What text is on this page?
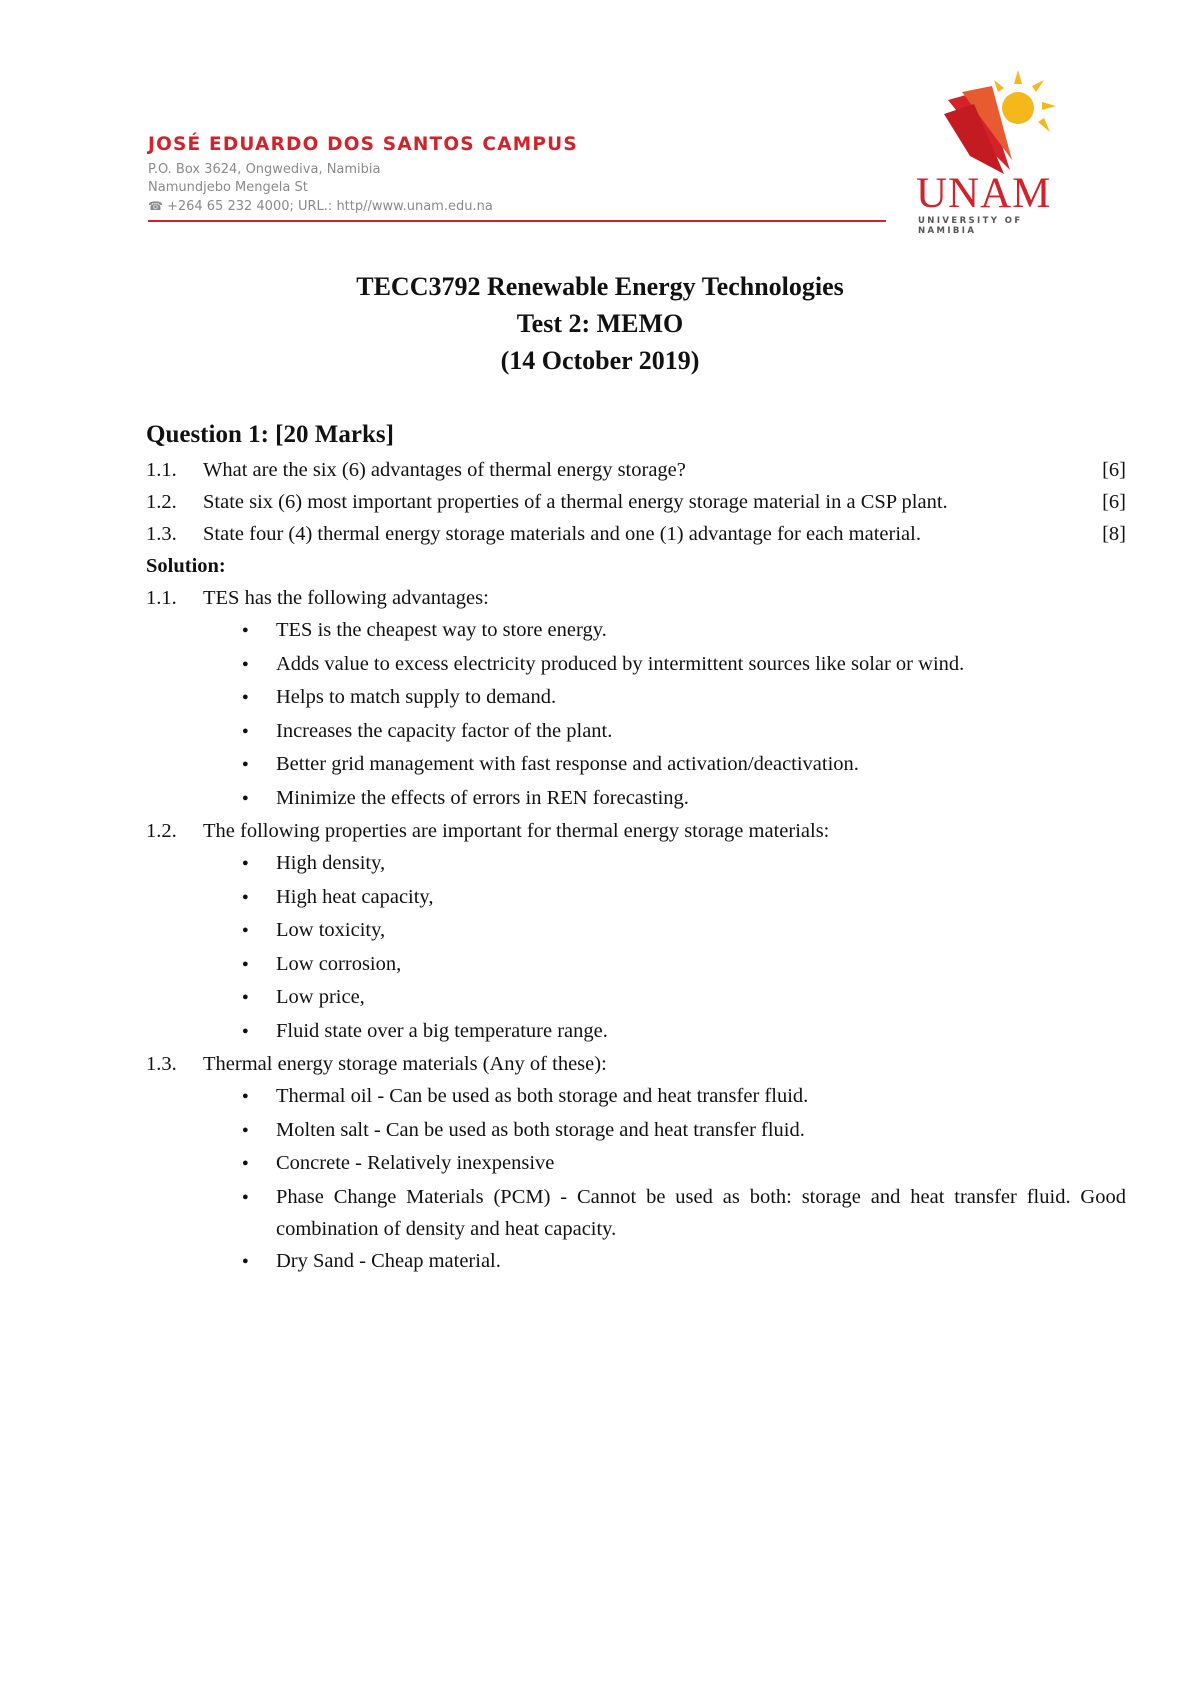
JOSÉ EDUARDO DOS SANTOS CAMPUS

P.O. Box 3624, Ongwediva, Namibia

Namundjebo Mengela St

☎ +264 65 232 4000; URL.: http//www.unam.edu.na	UNAM
UNIVERSITY OF NAMIBIA
TECC3792 Renewable Energy Technologies
Test 2: MEMO
(14 October 2019)
Question 1: [20 Marks]
1.1. What are the six (6) advantages of thermal energy storage?	[6]
1.2. State six (6) most important properties of a thermal energy storage material in a CSP plant.	[6]
1.3. State four (4) thermal energy storage materials and one (1) advantage for each material.	[8]
Solution:
1.1. TES has the following advantages:
● TES is the cheapest way to store energy.
● Adds value to excess electricity produced by intermittent sources like solar or wind.
● Helps to match supply to demand.
● Increases the capacity factor of the plant.
● Better grid management with fast response and activation/deactivation.
● Minimize the effects of errors in REN forecasting.
1.2. The following properties are important for thermal energy storage materials:
● High density,
● High heat capacity,
● Low toxicity,
● Low corrosion,
● Low price,
● Fluid state over a big temperature range.
1.3. Thermal energy storage materials (Any of these):
● Thermal oil - Can be used as both storage and heat transfer fluid.
● Molten salt - Can be used as both storage and heat transfer fluid.
● Concrete - Relatively inexpensive
● Phase Change Materials (PCM) - Cannot be used as both: storage and heat transfer fluid. Good combination of density and heat capacity.
● Dry Sand - Cheap material.
